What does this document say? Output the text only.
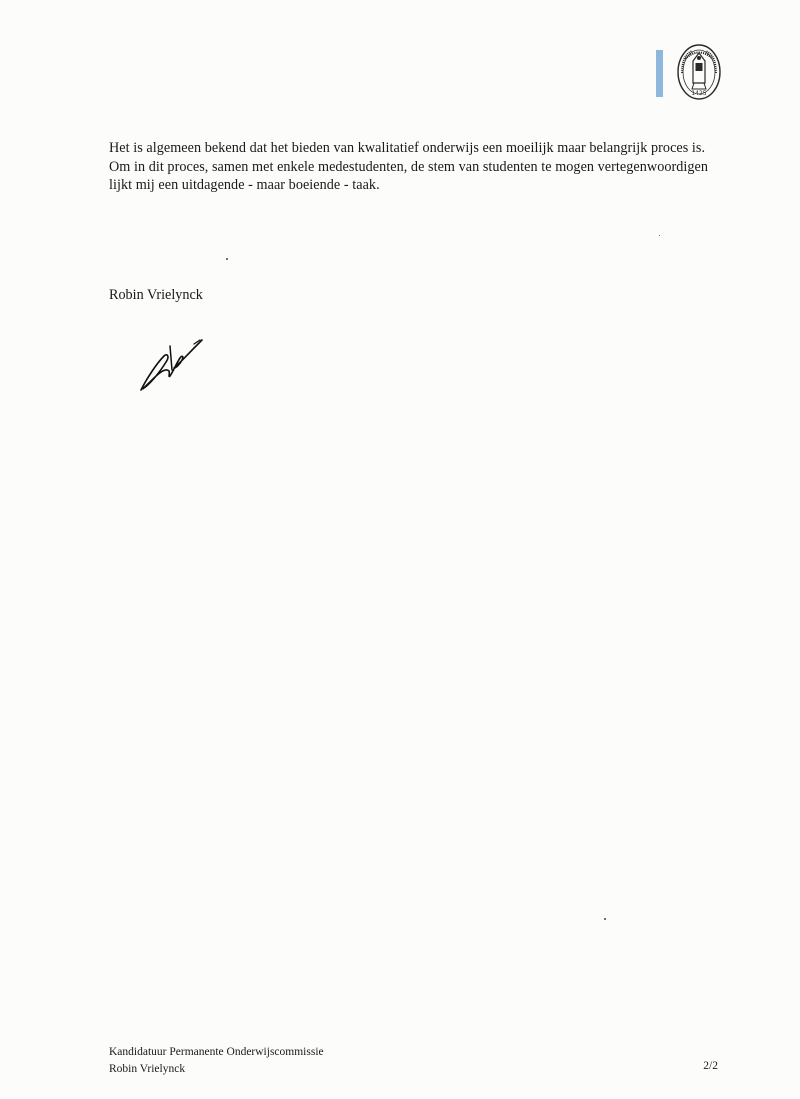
1425
Het is algemeen bekend dat het bieden van kwalitatief onderwijs een moeilijk maar belangrijk proces is. Om in dit proces, samen met enkele medestudenten, de stem van studenten te mogen vertegenwoordigen lijkt mij een uitdagende - maar boeiende - taak.
Robin Vrielynck
Kandidatuur Permanente Onderwijscommissie
Robin Vrielynck	2/2
